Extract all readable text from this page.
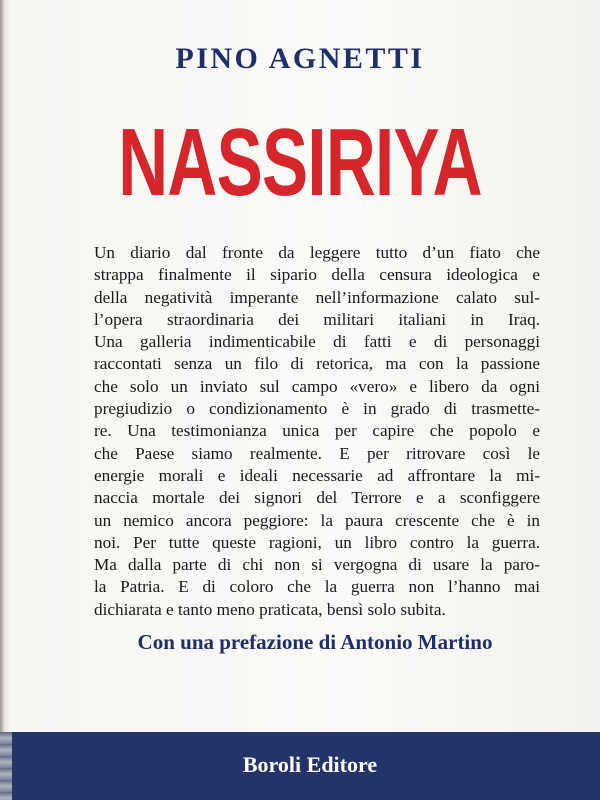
PINO AGNETTI
NASSIRIYA

Un diario dal fronte da leggere tutto d’un fiato che
strappa finalmente il sipario della censura ideologica e
della negatività imperante nell’informazione calato sul-
l’opera straordinaria dei militari italiani in Iraq.
Una galleria indimenticabile di fatti e di personaggi
raccontati senza un filo di retorica, ma con la passione
che solo un inviato sul campo «vero» e libero da ogni
pregiudizio o condizionamento è in grado di trasmette-
re. Una testimonianza unica per capire che popolo e
che Paese siamo realmente. E per ritrovare così le
energie morali e ideali necessarie ad affrontare la mi-
naccia mortale dei signori del Terrore e a sconfiggere
un nemico ancora peggiore: la paura crescente che è in
noi. Per tutte queste ragioni, un libro contro la guerra.
Ma dalla parte di chi non si vergogna di usare la paro-
la Patria. E di coloro che la guerra non l’hanno mai
dichiarata e tanto meno praticata, bensì solo subita.

Con una prefazione di Antonio Martino
Boroli Editore
